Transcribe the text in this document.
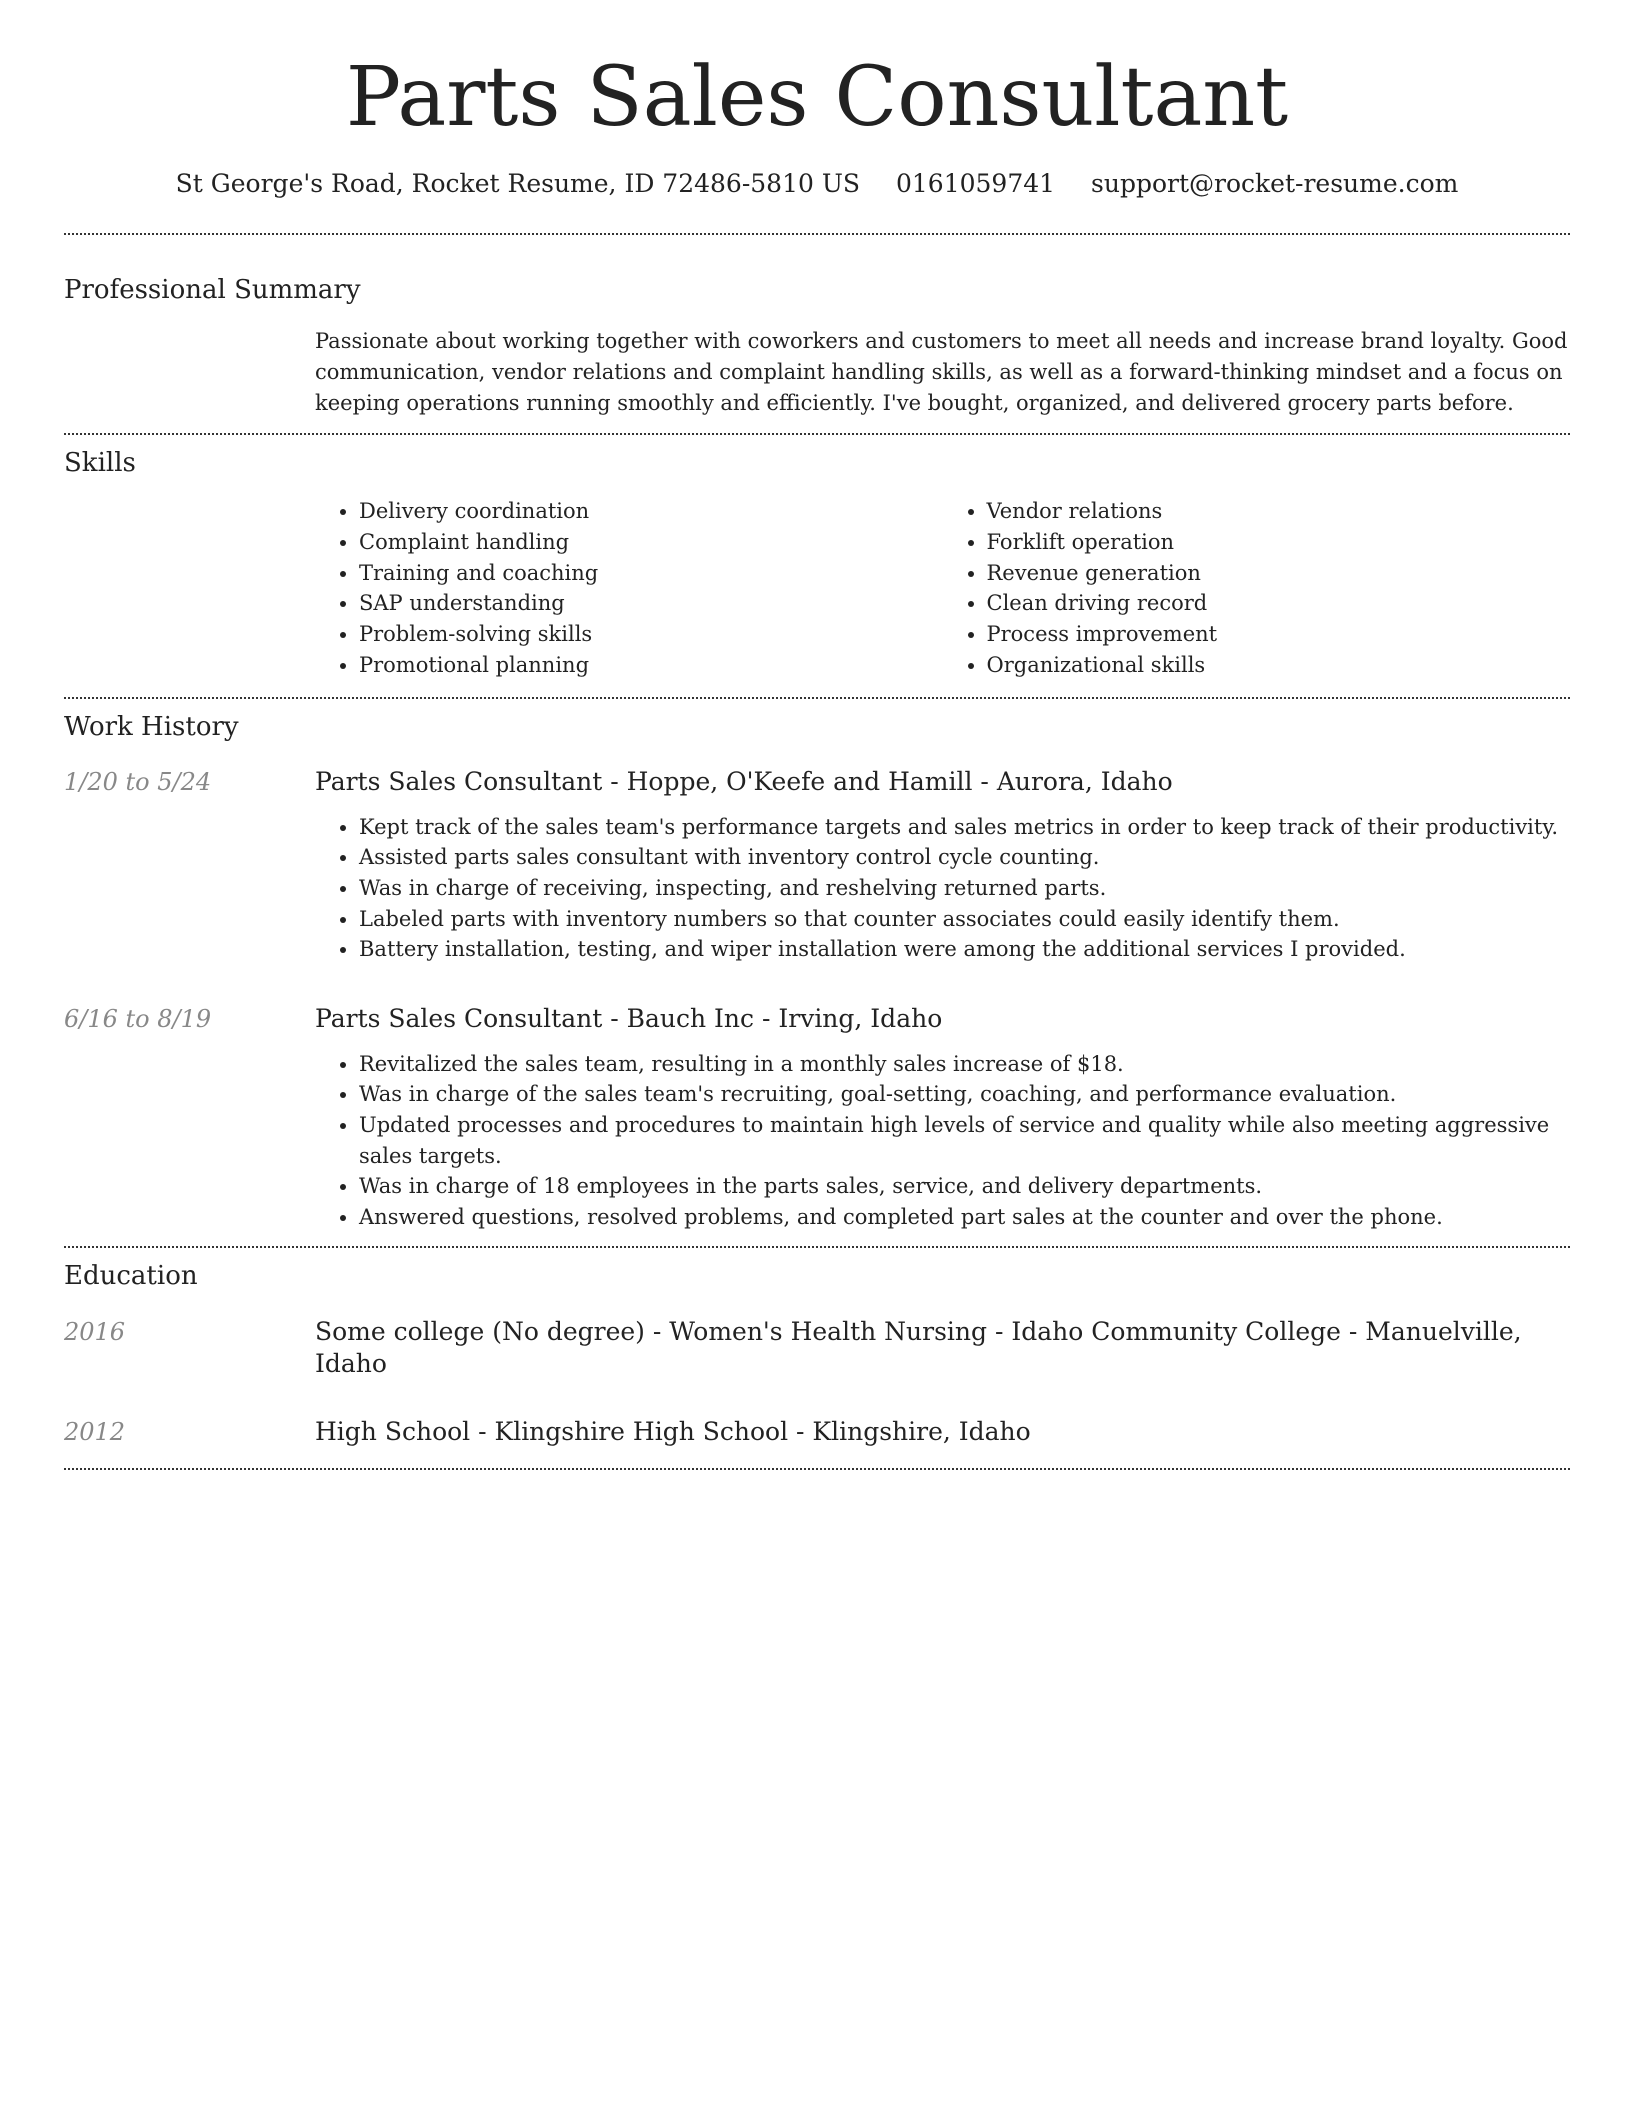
Parts Sales Consultant
St George's Road, Rocket Resume, ID 72486-5810 US 0161059741 support@rocket-resume.com
Professional Summary

Passionate about working together with coworkers and customers to meet all needs and increase brand loyalty. Good communication, vendor relations and complaint handling skills, as well as a forward-thinking mindset and a focus on keeping operations running smoothly and efficiently. I've bought, organized, and delivered grocery parts before.

Skills
• Delivery coordination
• Complaint handling
• Training and coaching
• SAP understanding
• Problem-solving skills
• Promotional planning
• Vendor relations
• Forklift operation
• Revenue generation
• Clean driving record
• Process improvement
• Organizational skills
Work History
1/20 to 5/24	Parts Sales Consultant - Hoppe, O'Keefe and Hamill - Aurora, Idaho
• Kept track of the sales team's performance targets and sales metrics in order to keep track of their productivity.
• Assisted parts sales consultant with inventory control cycle counting.
• Was in charge of receiving, inspecting, and reshelving returned parts.
• Labeled parts with inventory numbers so that counter associates could easily identify them.
• Battery installation, testing, and wiper installation were among the additional services I provided.
6/16 to 8/19	Parts Sales Consultant - Bauch Inc - Irving, Idaho
• Revitalized the sales team, resulting in a monthly sales increase of $18.
• Was in charge of the sales team's recruiting, goal-setting, coaching, and performance evaluation.
• Updated processes and procedures to maintain high levels of service and quality while also meeting aggressive sales targets.
• Was in charge of 18 employees in the parts sales, service, and delivery departments.
• Answered questions, resolved problems, and completed part sales at the counter and over the phone.
Education
2016	Some college (No degree) - Women's Health Nursing - Idaho Community College - Manuelville, Idaho
2012	High School - Klingshire High School - Klingshire, Idaho
